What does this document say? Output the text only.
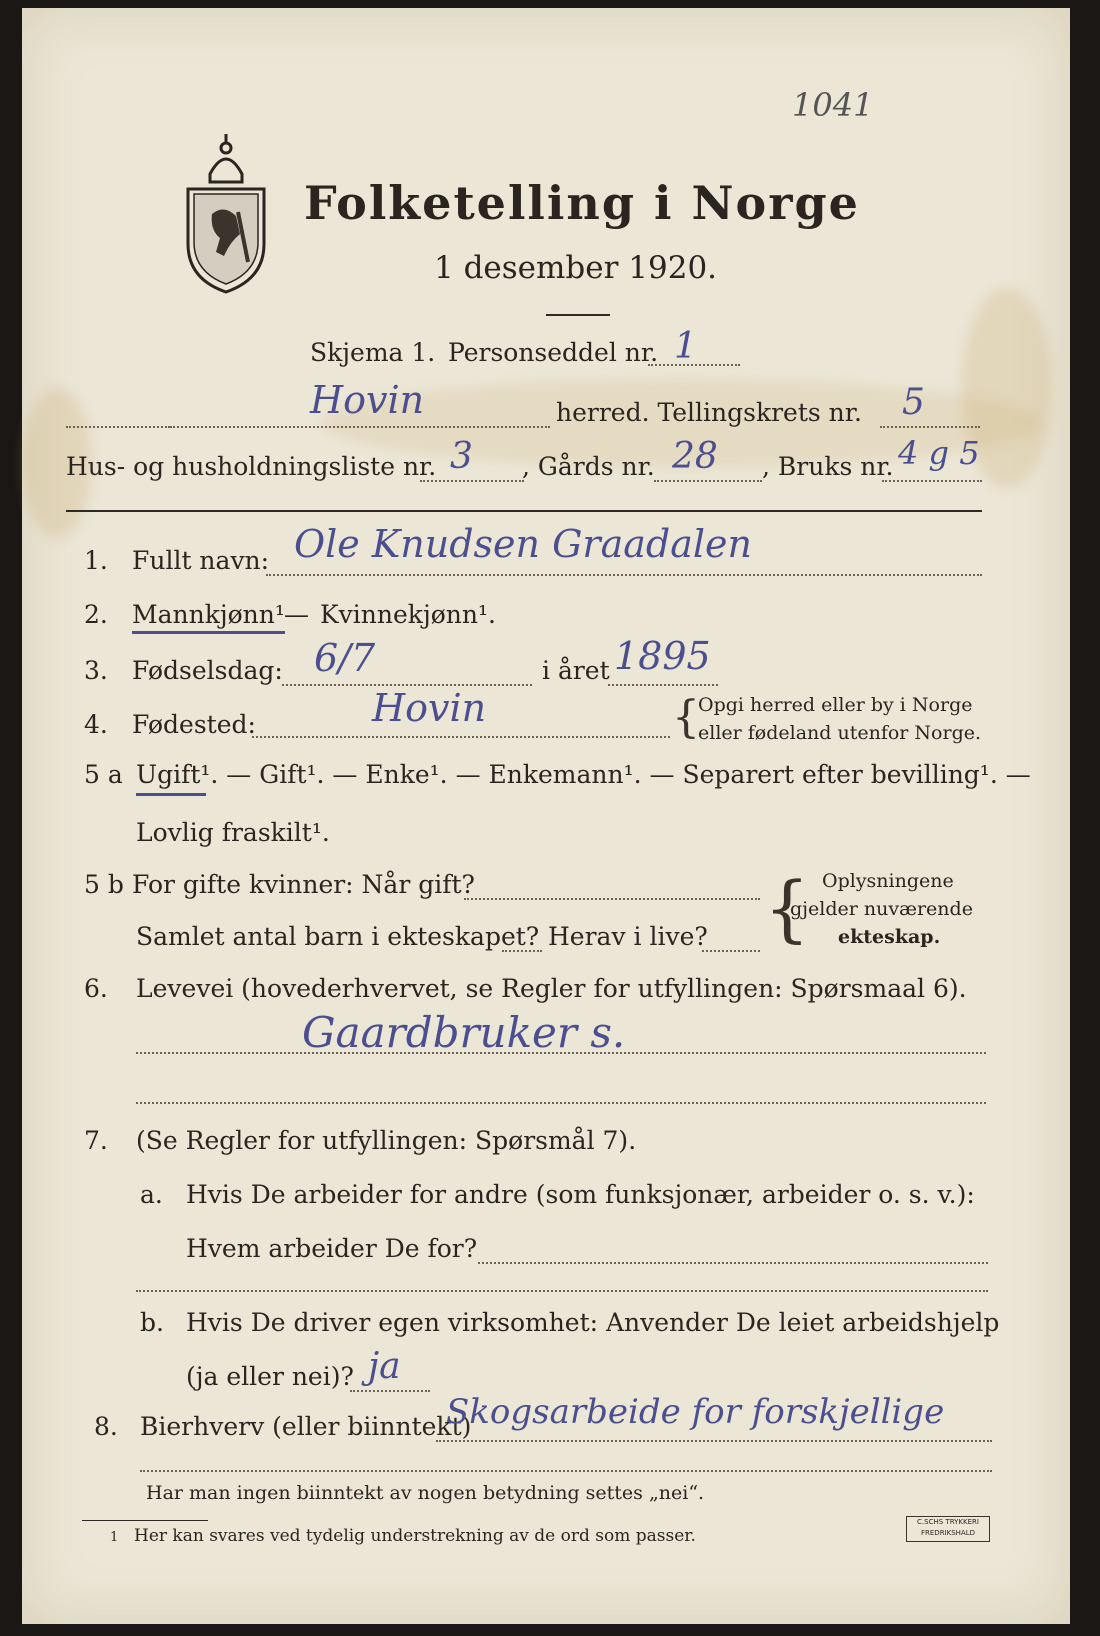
1041
Folketelling i Norge
1 desember 1920.
Skjema 1. Personseddel nr. 1
Hovin	herred. Tellingskrets nr. 5
Hus- og husholdningsliste nr. 3 , Gårds nr. 28 , Bruks nr. 4 g 5
1. Fullt navn: Ole Knudsen Graadalen
2. Mannkjønn¹ — Kvinnekjønn¹.
3. Fødselsdag: 6/7	i året 1895
4. Fødested:	Hovin	{
Opgi herred eller by i Norge
eller fødeland utenfor Norge.
5 a Ugift¹. — Gift¹. — Enke¹. — Enkemann¹. — Separert efter bevilling¹. —
Lovlig fraskilt¹.
5 b For gifte kvinner: Når gift?
Samlet antal barn i ekteskapet? Herav i live? { Oplysningene
gjelder nuværende
ekteskap.
6. Levevei (hovederhvervet, se Regler for utfyllingen: Spørsmaal 6).
Gaardbruker s.
7. (Se Regler for utfyllingen: Spørsmål 7).
a. Hvis De arbeider for andre (som funksjonær, arbeider o. s. v.):
Hvem arbeider De for?
b. Hvis De driver egen virksomhet: Anvender De leiet arbeidshjelp
(ja eller nei)? ja
8. Bierhverv (eller biinntekt)
Skogsarbeide for forskjellige
Har man ingen biinntekt av nogen betydning settes „nei“.
1 Her kan svares ved tydelig understrekning av de ord som passer.
C.SCHS TRYKKERI
FREDRIKSHALD
